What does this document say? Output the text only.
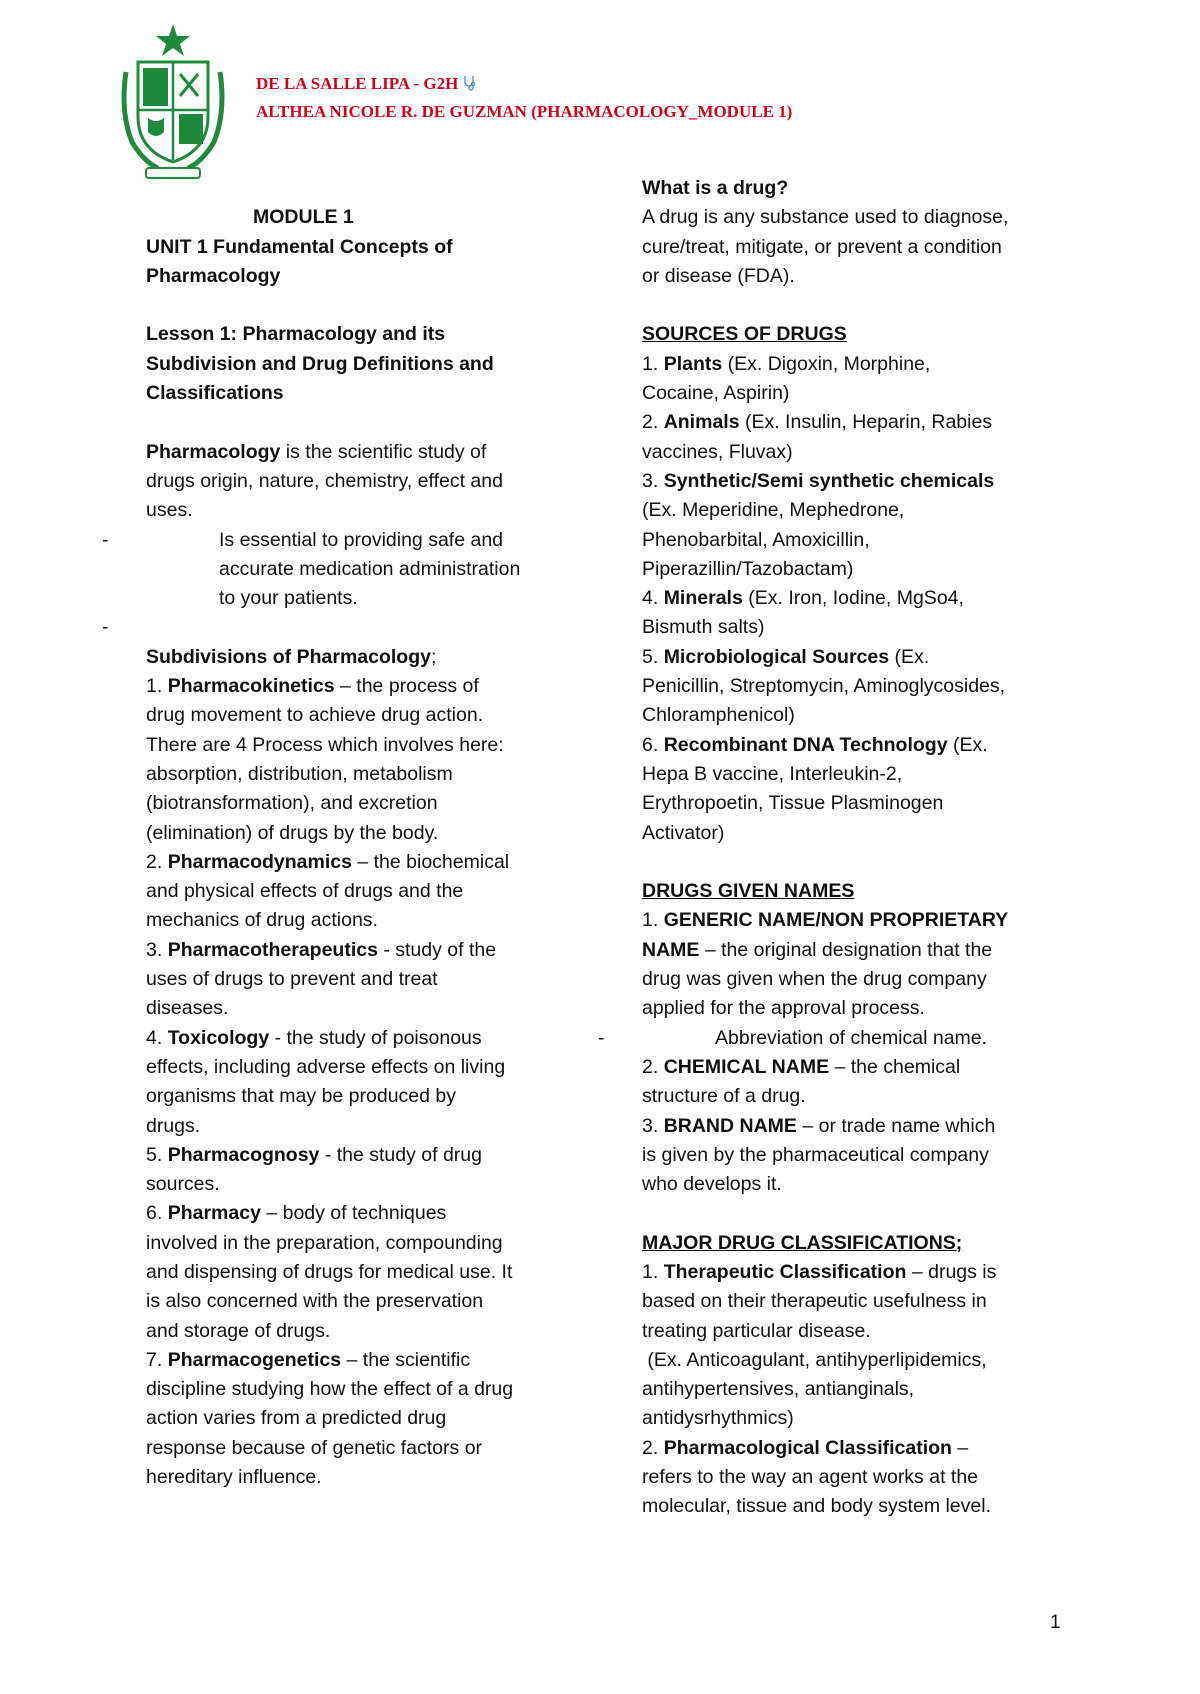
DE LA SALLE LIPA - G2H
ALTHEA NICOLE R. DE GUZMAN (PHARMACOLOGY_MODULE 1)
MODULE 1
UNIT 1 Fundamental Concepts of
Pharmacology
Lesson 1: Pharmacology and its
Subdivision and Drug Definitions and
Classifications
Pharmacology is the scientific study of
drugs origin, nature, chemistry, effect and
uses.
-	Is essential to providing safe and
accurate medication administration
to your patients.
-
Subdivisions of Pharmacology;
1. Pharmacokinetics – the process of
drug movement to achieve drug action.
There are 4 Process which involves here:
absorption, distribution, metabolism
(biotransformation), and excretion
(elimination) of drugs by the body.
2. Pharmacodynamics – the biochemical
and physical effects of drugs and the
mechanics of drug actions.
3. Pharmacotherapeutics - study of the
uses of drugs to prevent and treat
diseases.
4. Toxicology - the study of poisonous
effects, including adverse effects on living
organisms that may be produced by
drugs.
5. Pharmacognosy - the study of drug
sources.
6. Pharmacy – body of techniques
involved in the preparation, compounding
and dispensing of drugs for medical use. It
is also concerned with the preservation
and storage of drugs.
7. Pharmacogenetics – the scientific
discipline studying how the effect of a drug
action varies from a predicted drug
response because of genetic factors or
hereditary influence.
What is a drug?
A drug is any substance used to diagnose,
cure/treat, mitigate, or prevent a condition
or disease (FDA).
SOURCES OF DRUGS
1. Plants (Ex. Digoxin, Morphine,
Cocaine, Aspirin)
2. Animals (Ex. Insulin, Heparin, Rabies
vaccines, Fluvax)
3. Synthetic/Semi synthetic chemicals
(Ex. Meperidine, Mephedrone,
Phenobarbital, Amoxicillin,
Piperazillin/Tazobactam)
4. Minerals (Ex. Iron, Iodine, MgSo4,
Bismuth salts)
5. Microbiological Sources (Ex.
Penicillin, Streptomycin, Aminoglycosides,
Chloramphenicol)
6. Recombinant DNA Technology (Ex.
Hepa B vaccine, Interleukin-2,
Erythropoetin, Tissue Plasminogen
Activator)
DRUGS GIVEN NAMES
1. GENERIC NAME/NON PROPRIETARY
NAME – the original designation that the
drug was given when the drug company
applied for the approval process.
-	Abbreviation of chemical name.
2. CHEMICAL NAME – the chemical
structure of a drug.
3. BRAND NAME – or trade name which
is given by the pharmaceutical company
who develops it.
MAJOR DRUG CLASSIFICATIONS;
1. Therapeutic Classification – drugs is
based on their therapeutic usefulness in
treating particular disease.
(Ex. Anticoagulant, antihyperlipidemics,
antihypertensives, antianginals,
antidysrhythmics)
2. Pharmacological Classification –
refers to the way an agent works at the
molecular, tissue and body system level.
1
